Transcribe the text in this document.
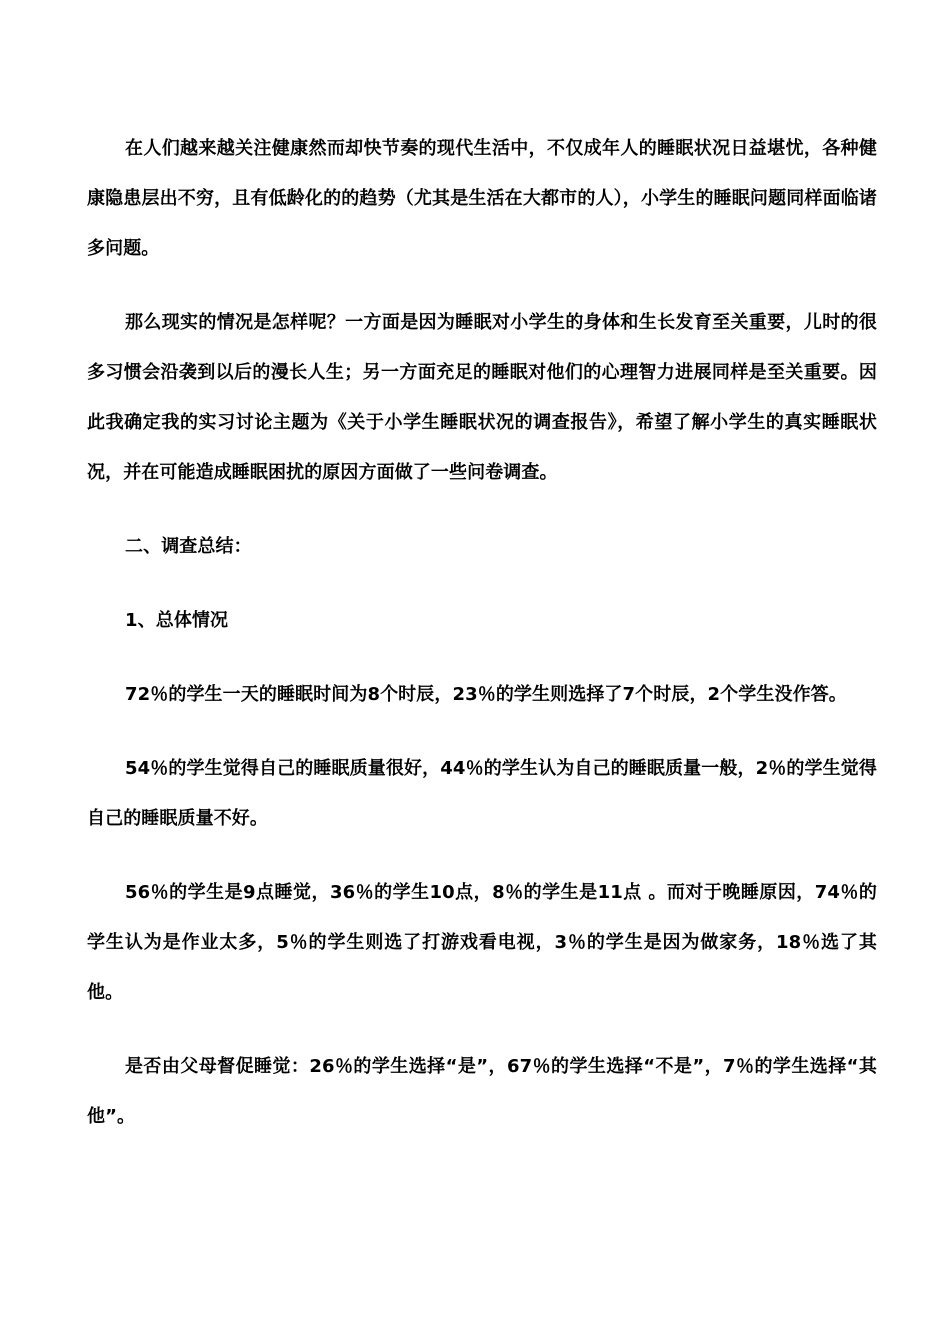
在人们越来越关注健康然而却快节奏的现代生活中，不仅成年人的睡眠状况日益堪忧，各种健康隐患层出不穷，且有低龄化的的趋势（尤其是生活在大都市的人），小学生的睡眠问题同样面临诸多问题。

那么现实的情况是怎样呢？一方面是因为睡眠对小学生的身体和生长发育至关重要，儿时的很多习惯会沿袭到以后的漫长人生；另一方面充足的睡眠对他们的心理智力进展同样是至关重要。因此我确定我的实习讨论主题为《关于小学生睡眠状况的调查报告》，希望了解小学生的真实睡眠状况，并在可能造成睡眠困扰的原因方面做了一些问卷调查。

二、调查总结：

1、总体情况

72％的学生一天的睡眠时间为8个时辰，23％的学生则选择了7个时辰，2个学生没作答。

54％的学生觉得自己的睡眠质量很好，44％的学生认为自己的睡眠质量一般，2％的学生觉得自己的睡眠质量不好。

56％的学生是9点睡觉，36％的学生10点，8％的学生是11点 。而对于晚睡原因，74％的学生认为是作业太多，5％的学生则选了打游戏看电视，3％的学生是因为做家务，18％选了其他。

是否由父母督促睡觉：26％的学生选择“是”，67％的学生选择“不是”，7％的学生选择“其他”。
